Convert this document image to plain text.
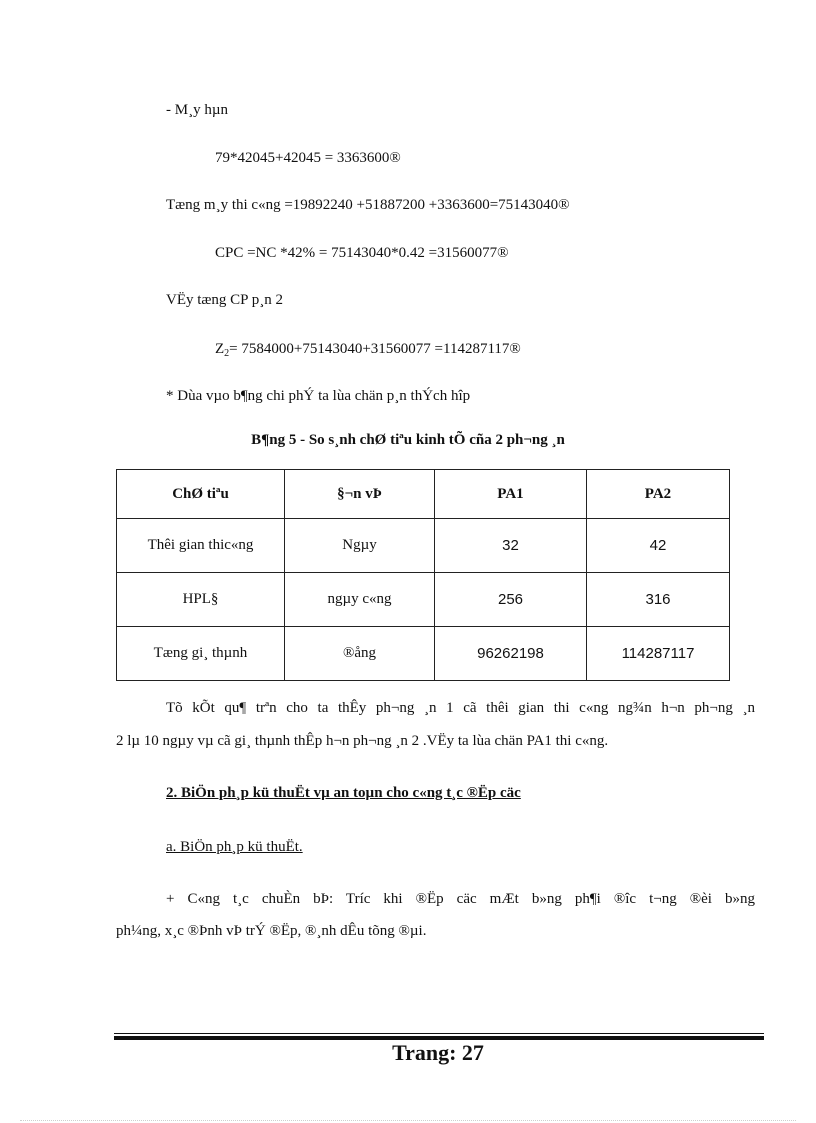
- M¸y hµn
79*42045+42045 = 3363600®
Tæng m¸y thi c«ng =19892240 +51887200 +3363600=75143040®
CPC =NC *42% = 75143040*0.42 =31560077®
VËy tæng CP p¸n 2
$Z_2= 7584000+75143040+31560077$ =114287117®
* Dùa vµo b¶ng chi phÝ ta lùa chän p¸n thÝch hîp
B¶ng 5 - So s¸nh chØ tiªu kinh tÕ cña 2 ph¬ng ¸n
ChØ tiªu	§¬n vÞ	PA1	PA2
Thêi gian thic«ng	Ngµy	32	42
HPL§	ngµy c«ng	256	316
Tæng gi¸ thµnh	®ång	96262198	114287117
Tõ kÕt qu¶ trªn cho ta thÊy ph¬ng ¸n 1 cã thêi gian thi c«ng ng¾n h¬n ph¬ng ¸n
2 lµ 10 ngµy vµ cã gi¸ thµnh thÊp h¬n ph¬ng ¸n 2 .VËy ta lùa chän PA1 thi c«ng.
2. BiÖn ph¸p kü thuËt vµ an toµn cho c«ng t¸c ®Ëp cäc
a. BiÖn ph¸p kü thuËt.
+ C«ng t¸c chuÈn bÞ: Tríc khi ®Ëp cäc mÆt b»ng ph¶i ®îc t¬ng ®èi b»ng
ph¼ng, x¸c ®Þnh vÞ trÝ ®Ëp, ®¸nh dÊu tõng ®µi.
Trang: 27
